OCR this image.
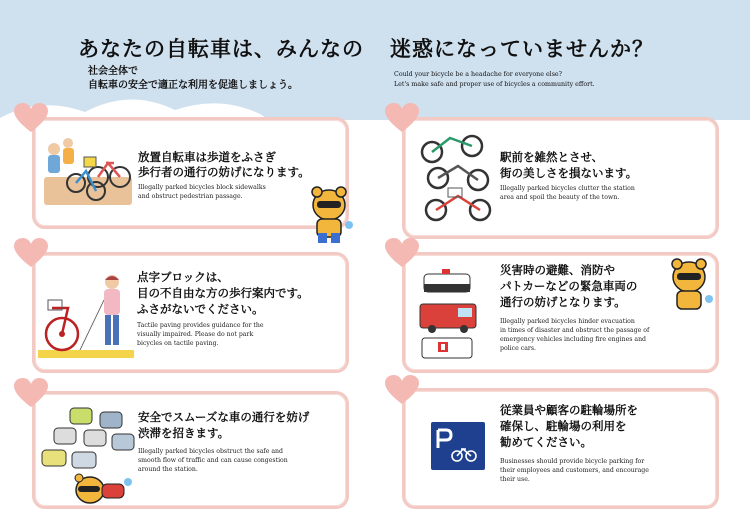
あなたの自転車は、みんなの 迷惑になっていませんか？
社会全体で
自転車の安全で適正な利用を促進しましょう。
Could your bicycle be a headache for everyone else?
Let's make safe and proper use of bicycles a community effort.
放置自転車は歩道をふさぎ
歩行者の通行の妨げになります。
Illegally parked bicycles block sidewalks
and obstruct pedestrian passage.
点字ブロックは、
目の不自由な方の歩行案内です。
ふさがないでください。
Tactile paving provides guidance for the
visually impaired. Please do not park
bicycles on tactile paving.
安全でスムーズな車の通行を妨げ
渋滞を招きます。
Illegally parked bicycles obstruct the safe and
smooth flow of traffic and can cause congestion
around the station.
駅前を雑然とさせ、
街の美しさを損ないます。
Illegally parked bicycles clutter the station
area and spoil the beauty of the town.
災害時の避難、消防や
パトカーなどの緊急車両の
通行の妨げとなります。
Illegally parked bicycles hinder evacuation
in times of disaster and obstruct the passage of
emergency vehicles including fire engines and
police cars.
従業員や顧客の駐輪場所を
確保し、駐輪場の利用を
勧めてください。
Businesses should provide bicycle parking for
their employees and customers, and encourage
their use.
